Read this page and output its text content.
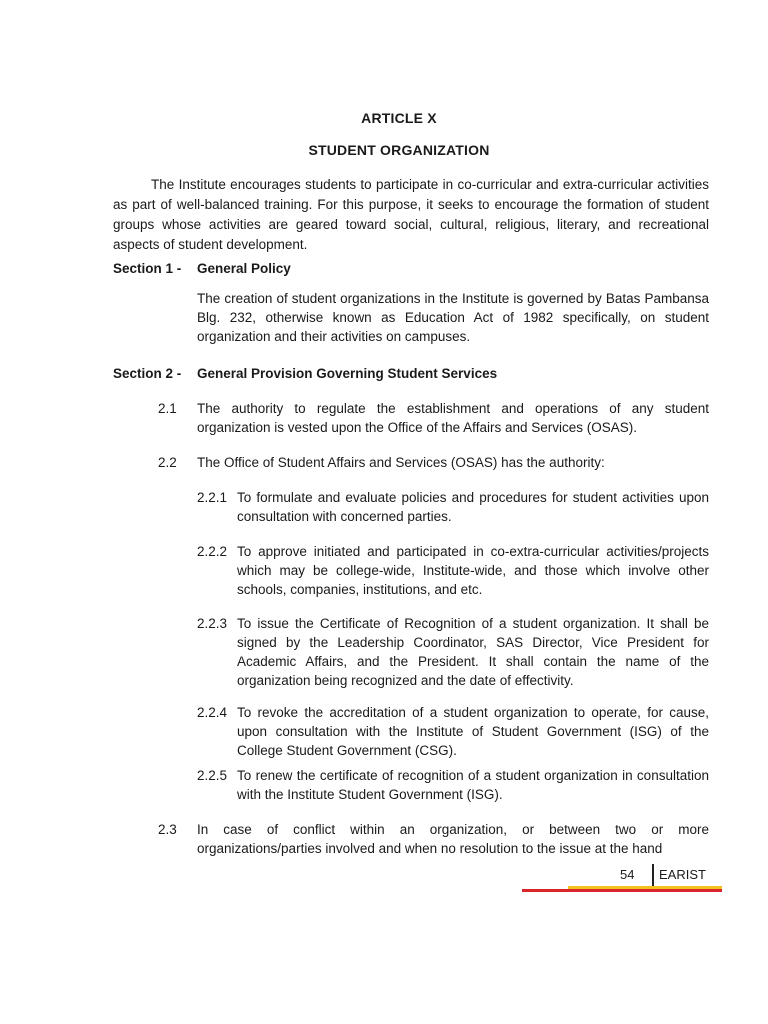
ARTICLE X
STUDENT ORGANIZATION

The Institute encourages students to participate in co-curricular and extra-curricular activities as part of well-balanced training. For this purpose, it seeks to encourage the formation of student groups whose activities are geared toward social, cultural, religious, literary, and recreational aspects of student development.

Section 1 - General Policy

The creation of student organizations in the Institute is governed by Batas Pambansa Blg. 232, otherwise known as Education Act of 1982 specifically, on student organization and their activities on campuses.

Section 2 - General Provision Governing Student Services
2.1 The authority to regulate the establishment and operations of any student organization is vested upon the Office of the Affairs and Services (OSAS).

2.2 The Office of Student Affairs and Services (OSAS) has the authority:

2.2.1 To formulate and evaluate policies and procedures for student activities upon consultation with concerned parties.

2.2.2 To approve initiated and participated in co-extra-curricular activities/projects which may be college-wide, Institute-wide, and those which involve other schools, companies, institutions, and etc.

2.2.3 To issue the Certificate of Recognition of a student organization. It shall be signed by the Leadership Coordinator, SAS Director, Vice President for Academic Affairs, and the President. It shall contain the name of the organization being recognized and the date of effectivity.

2.2.4 To revoke the accreditation of a student organization to operate, for cause, upon consultation with the Institute of Student Government (ISG) of the College Student Government (CSG).

2.2.5 To renew the certificate of recognition of a student organization in consultation with the Institute Student Government (ISG).

2.3 In case of conflict within an organization, or between two or more organizations/parties involved and when no resolution to the issue at the hand

54 EARIST
